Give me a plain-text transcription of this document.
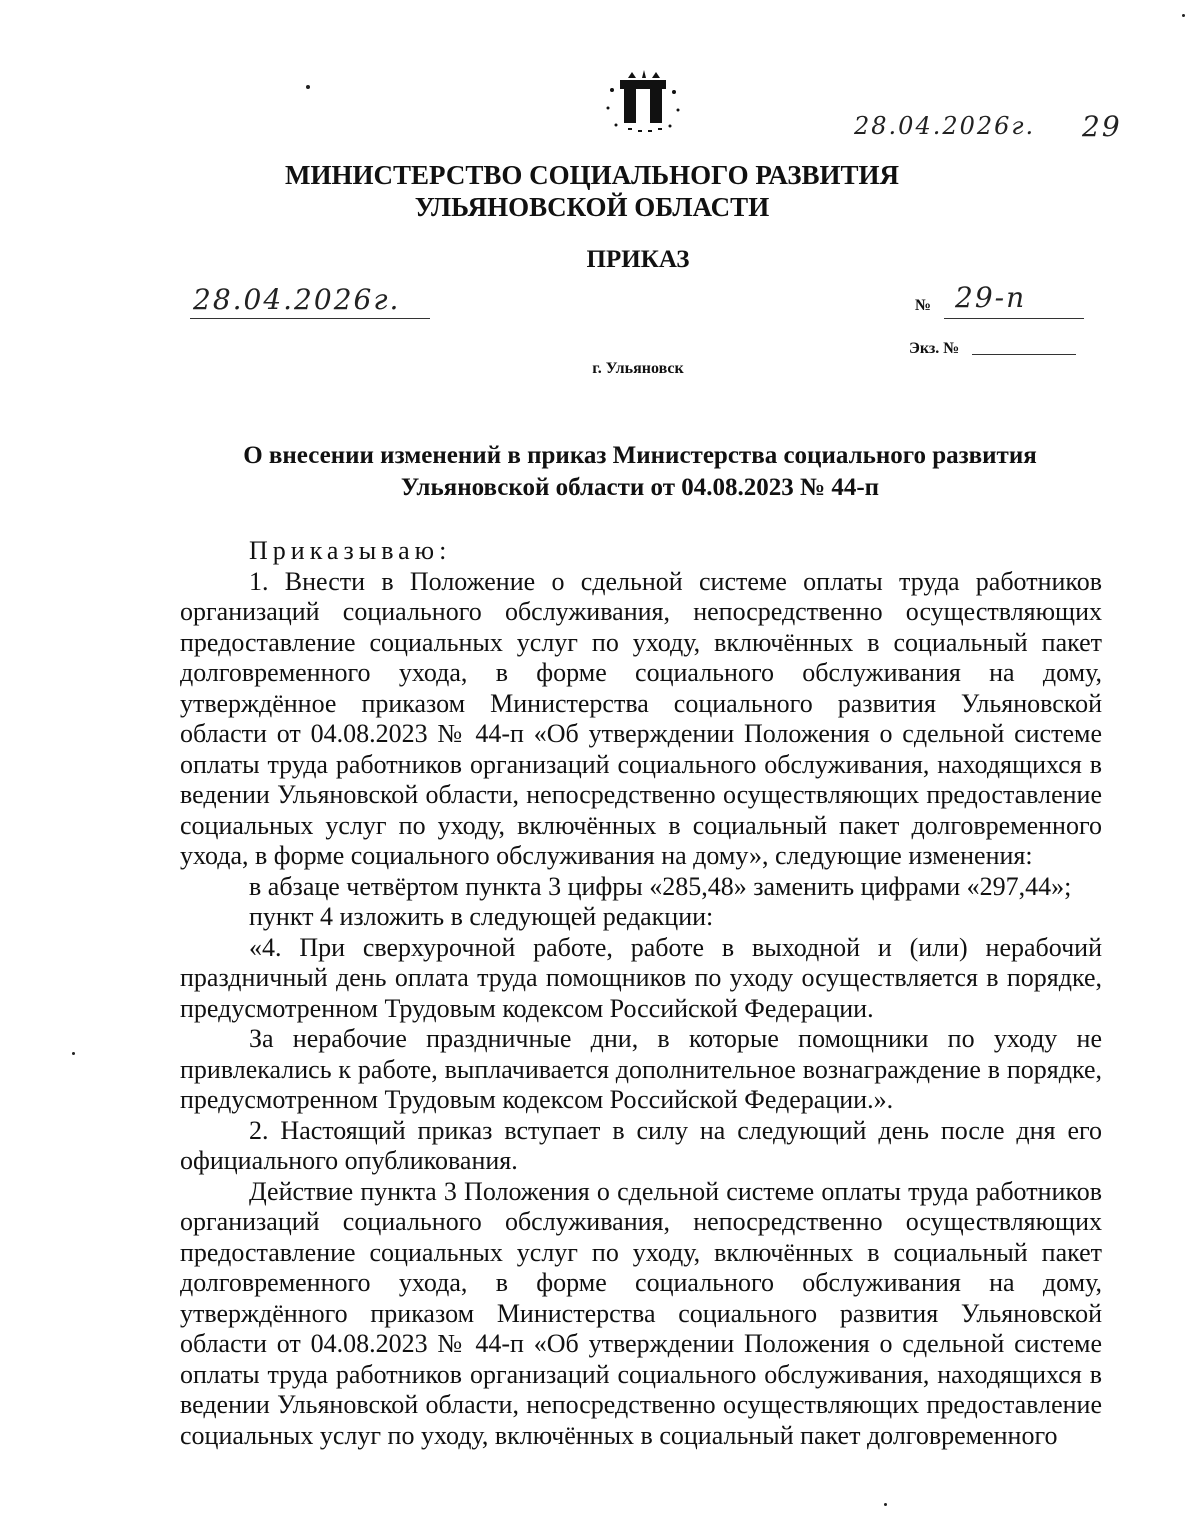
28.04.2026г. 29
МИНИСТЕРСТВО СОЦИАЛЬНОГО РАЗВИТИЯ
УЛЬЯНОВСКОЙ ОБЛАСТИ
ПРИКАЗ
28.04.2026г.	№ 29-п
Экз. №
г. Ульяновск
О внесении изменений в приказ Министерства социального развития Ульяновской области от 04.08.2023 № 44-п

Приказываю:

1. Внести в Положение о сдельной системе оплаты труда работников организаций социального обслуживания, непосредственно осуществляющих предоставление социальных услуг по уходу, включённых в социальный пакет долговременного ухода, в форме социального обслуживания на дому, утверждённое приказом Министерства социального развития Ульяновской области от 04.08.2023 № 44-п «Об утверждении Положения о сдельной системе оплаты труда работников организаций социального обслуживания, находящихся в ведении Ульяновской области, непосредственно осуществляющих предоставление социальных услуг по уходу, включённых в социальный пакет долговременного ухода, в форме социального обслуживания на дому», следующие изменения:

в абзаце четвёртом пункта 3 цифры «285,48» заменить цифрами «297,44»;

пункт 4 изложить в следующей редакции:

«4. При сверхурочной работе, работе в выходной и (или) нерабочий праздничный день оплата труда помощников по уходу осуществляется в порядке, предусмотренном Трудовым кодексом Российской Федерации.

За нерабочие праздничные дни, в которые помощники по уходу не привлекались к работе, выплачивается дополнительное вознаграждение в порядке, предусмотренном Трудовым кодексом Российской Федерации.».

2. Настоящий приказ вступает в силу на следующий день после дня его официального опубликования.

Действие пункта 3 Положения о сдельной системе оплаты труда работников организаций социального обслуживания, непосредственно осуществляющих предоставление социальных услуг по уходу, включённых в социальный пакет долговременного ухода, в форме социального обслуживания на дому, утверждённого приказом Министерства социального развития Ульяновской области от 04.08.2023 № 44-п «Об утверждении Положения о сдельной системе оплаты труда работников организаций социального обслуживания, находящихся в ведении Ульяновской области, непосредственно осуществляющих предоставление социальных услуг по уходу, включённых в социальный пакет долговременного
